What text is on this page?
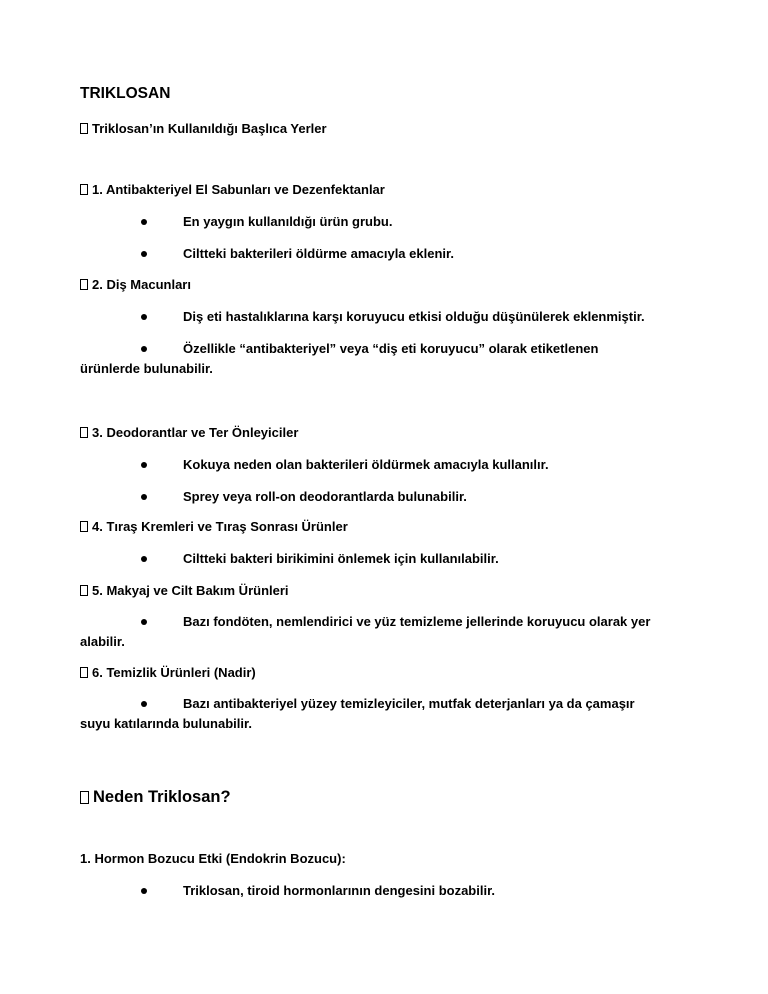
TRIKLOSAN
Triklosan’ın Kullanıldığı Başlıca Yerler
1. Antibakteriyel El Sabunları ve Dezenfektanlar
En yaygın kullanıldığı ürün grubu.
Ciltteki bakterileri öldürme amacıyla eklenir.
2. Diş Macunları
Diş eti hastalıklarına karşı koruyucu etkisi olduğu düşünülerek eklenmiştir.
Özellikle “antibakteriyel” veya “diş eti koruyucu” olarak etiketlenen
ürünlerde bulunabilir.
3. Deodorantlar ve Ter Önleyiciler
Kokuya neden olan bakterileri öldürmek amacıyla kullanılır.
Sprey veya roll-on deodorantlarda bulunabilir.
4. Tıraş Kremleri ve Tıraş Sonrası Ürünler
Ciltteki bakteri birikimini önlemek için kullanılabilir.
5. Makyaj ve Cilt Bakım Ürünleri
Bazı fondöten, nemlendirici ve yüz temizleme jellerinde koruyucu olarak yer
alabilir.
6. Temizlik Ürünleri (Nadir)
Bazı antibakteriyel yüzey temizleyiciler, mutfak deterjanları ya da çamaşır
suyu katılarında bulunabilir.
Neden Triklosan?
1. Hormon Bozucu Etki (Endokrin Bozucu):
Triklosan, tiroid hormonlarının dengesini bozabilir.
